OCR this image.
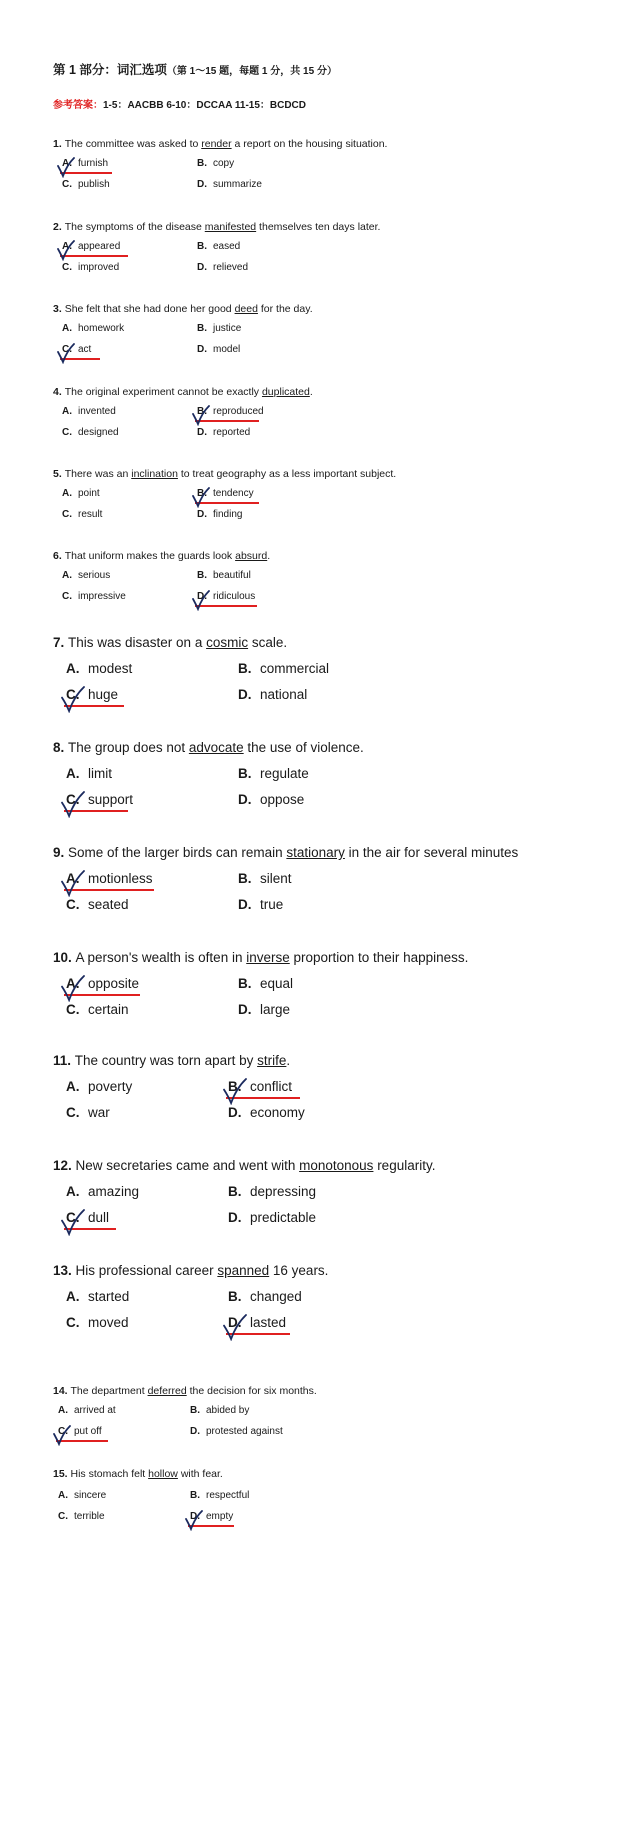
第 1 部分：词汇选项（第 1～15 题，每题 1 分，共 15 分）
参考答案：1-5：AACBB 6-10：DCCAA 11-15：BCDCD
1. The committee was asked to render a report on the housing situation.
A. furnish	B. copy
C. publish	D. summarize
2. The symptoms of the disease manifested themselves ten days later.
A. appeared	B. eased
C. improved	D. relieved
3. She felt that she had done her good deed for the day.
A. homework	B. justice
C. act	D. model
4. The original experiment cannot be exactly duplicated.
A. invented	B. reproduced
C. designed	D. reported
5. There was an inclination to treat geography as a less important subject.
A. point	B. tendency
C. result	D. finding
6. That uniform makes the guards look absurd.
A. serious	B. beautiful
C. impressive	D. ridiculous
7. This was disaster on a cosmic scale.
A. modest	B. commercial
C. huge	D. national
8. The group does not advocate the use of violence.
A. limit	B. regulate
C. support	D. oppose
9. Some of the larger birds can remain stationary in the air for several minutes
A. motionless	B. silent
C. seated	D. true
10. A person's wealth is often in inverse proportion to their happiness.
A. opposite	B. equal
C. certain	D. large
11. The country was torn apart by strife.
A. poverty	B. conflict
C. war	D. economy
12. New secretaries came and went with monotonous regularity.
A. amazing	B. depressing
C. dull	D. predictable
13. His professional career spanned 16 years.
A. started	B. changed
C. moved	D. lasted
14. The department deferred the decision for six months.
A. arrived at	B. abided by
C. put off	D. protested against
15. His stomach felt hollow with fear.
A. sincere	B. respectful
C. terrible	D. empty
